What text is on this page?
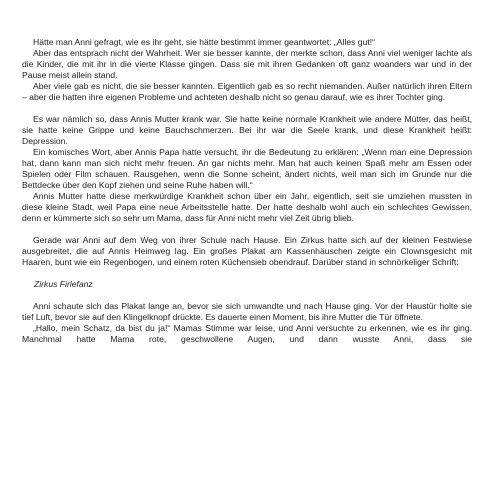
Hätte man Anni gefragt, wie es ihr geht, sie hätte bestimmt immer geantwortet: „Alles gut!“

Aber das entsprach nicht der Wahrheit. Wer sie besser kannte, der merkte schon, dass Anni viel weniger lachte als die Kinder, die mit ihr in die vierte Klasse gingen. Dass sie mit ihren Gedanken oft ganz woanders war und in der Pause meist allein stand.

Aber viele gab es nicht, die sie besser kannten. Eigentlich gab es so recht niemanden. Außer natürlich ihren Eltern – aber die hatten ihre eigenen Probleme und achteten deshalb nicht so genau darauf, wie es ihrer Tochter ging.

Es war nämlich so, dass Annis Mutter krank war. Sie hatte keine normale Krankheit wie andere Mütter, das heißt, sie hatte keine Grippe und keine Bauchschmerzen. Bei ihr war die Seele krank, und diese Krankheit heißt: Depression.

Ein komisches Wort, aber Annis Papa hatte versucht, ihr die Bedeutung zu erklären: „Wenn man eine Depression hat, dann kann man sich nicht mehr freuen. An gar nichts mehr. Man hat auch keinen Spaß mehr am Essen oder Spielen oder Film schauen. Rausgehen, wenn die Sonne scheint, ändert nichts, weil man sich im Grunde nur die Bettdecke über den Kopf ziehen und seine Ruhe haben will.“

Annis Mutter hatte diese merkwürdige Krankheit schon über ein Jahr, eigentlich, seit sie umziehen mussten in diese kleine Stadt, weil Papa eine neue Arbeitsstelle hatte. Der hatte deshalb wohl auch ein schlechtes Gewissen, denn er kümmerte sich so sehr um Mama, dass für Anni nicht mehr viel Zeit übrig blieb.

Gerade war Anni auf dem Weg von ihrer Schule nach Hause. Ein Zirkus hatte sich auf der kleinen Festwiese ausgebreitet, die auf Annis Heimweg lag. Ein großes Plakat am Kassenhäuschen zeigte ein Clownsgesicht mit Haaren, bunt wie ein Regenbogen, und einem roten Küchensieb obendrauf. Darüber stand in schnörkeliger Schrift:

Zirkus Firlefanz

Anni schaute sich das Plakat lange an, bevor sie sich umwandte und nach Hause ging. Vor der Haustür holte sie tief Luft, bevor sie auf den Klingelknopf drückte. Es dauerte einen Moment, bis ihre Mutter die Tür öffnete.

„Hallo, mein Schatz, da bist du ja!“ Mamas Stimme war leise, und Anni versuchte zu erkennen, wie es ihr ging. Manchmal hatte Mama rote, geschwollene Augen, und dann wusste Anni, dass sie
